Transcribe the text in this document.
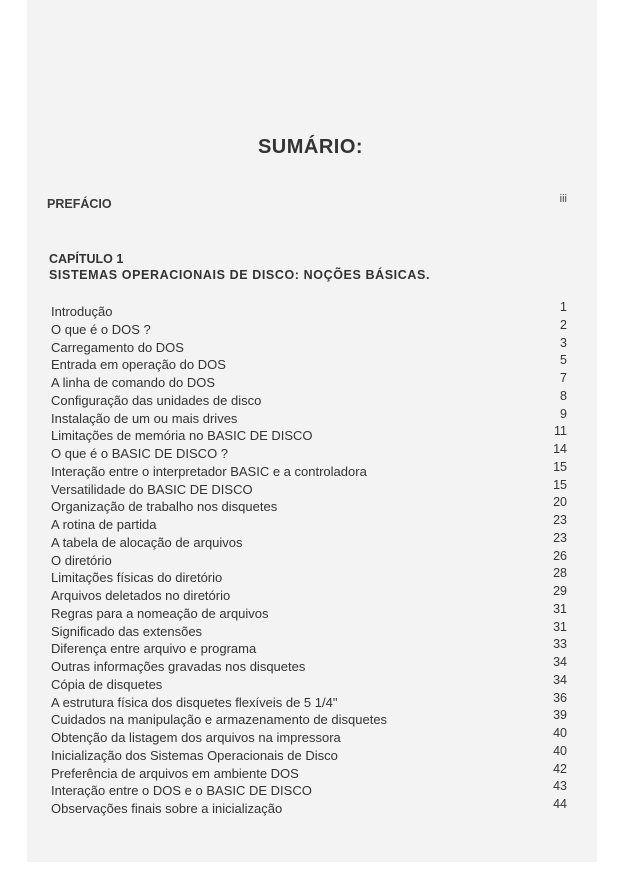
SUMÁRIO:
PREFÁCIO	iii
CAPÍTULO 1
SISTEMAS OPERACIONAIS DE DISCO: NOÇÕES BÁSICAS.
Introdução	1
O que é o DOS ?	2
Carregamento do DOS	3
Entrada em operação do DOS	5
A linha de comando do DOS	7
Configuração das unidades de disco	8
Instalação de um ou mais drives	9
Limitações de memória no BASIC DE DISCO	11
O que é o BASIC DE DISCO ?	14
Interação entre o interpretador BASIC e a controladora	15
Versatilidade do BASIC DE DISCO	15
Organização de trabalho nos disquetes	20
A rotina de partida	23
A tabela de alocação de arquivos	23
O diretório	26
Limitações físicas do diretório	28
Arquivos deletados no diretório	29
Regras para a nomeação de arquivos	31
Significado das extensões	31
Diferença entre arquivo e programa	33
Outras informações gravadas nos disquetes	34
Cópia de disquetes	34
A estrutura física dos disquetes flexíveis de 5 1/4"	36
Cuidados na manipulação e armazenamento de disquetes	39
Obtenção da listagem dos arquivos na impressora	40
Inicialização dos Sistemas Operacionais de Disco	40
Preferência de arquivos em ambiente DOS	42
Interação entre o DOS e o BASIC DE DISCO	43
Observações finais sobre a inicialização	44
